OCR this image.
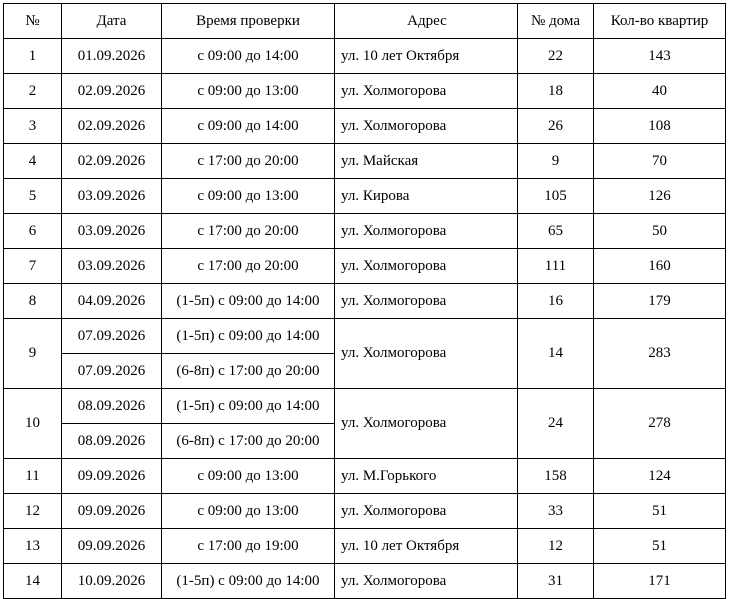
№	Дата	Время проверки	Адрес	№ дома	Кол-во квартир
1	01.09.2026	с 09:00 до 14:00	ул. 10 лет Октября	22	143
2	02.09.2026	с 09:00 до 13:00	ул. Холмогорова	18	40
3	02.09.2026	с 09:00 до 14:00	ул. Холмогорова	26	108
4	02.09.2026	с 17:00 до 20:00	ул. Майская	9	70
5	03.09.2026	с 09:00 до 13:00	ул. Кирова	105	126
6	03.09.2026	с 17:00 до 20:00	ул. Холмогорова	65	50
7	03.09.2026	с 17:00 до 20:00	ул. Холмогорова	111	160
8	04.09.2026	(1-5п) с 09:00 до 14:00	ул. Холмогорова	16	179
9	07.09.2026	(1-5п) с 09:00 до 14:00	ул. Холмогорова	14	283
	07.09.2026	(6-8п) с 17:00 до 20:00			
10	08.09.2026	(1-5п) с 09:00 до 14:00	ул. Холмогорова	24	278
	08.09.2026	(6-8п) с 17:00 до 20:00			
11	09.09.2026	с 09:00 до 13:00	ул. М.Горького	158	124
12	09.09.2026	с 09:00 до 13:00	ул. Холмогорова	33	51
13	09.09.2026	с 17:00 до 19:00	ул. 10 лет Октября	12	51
14	10.09.2026	(1-5п) с 09:00 до 14:00	ул. Холмогорова	31	171
